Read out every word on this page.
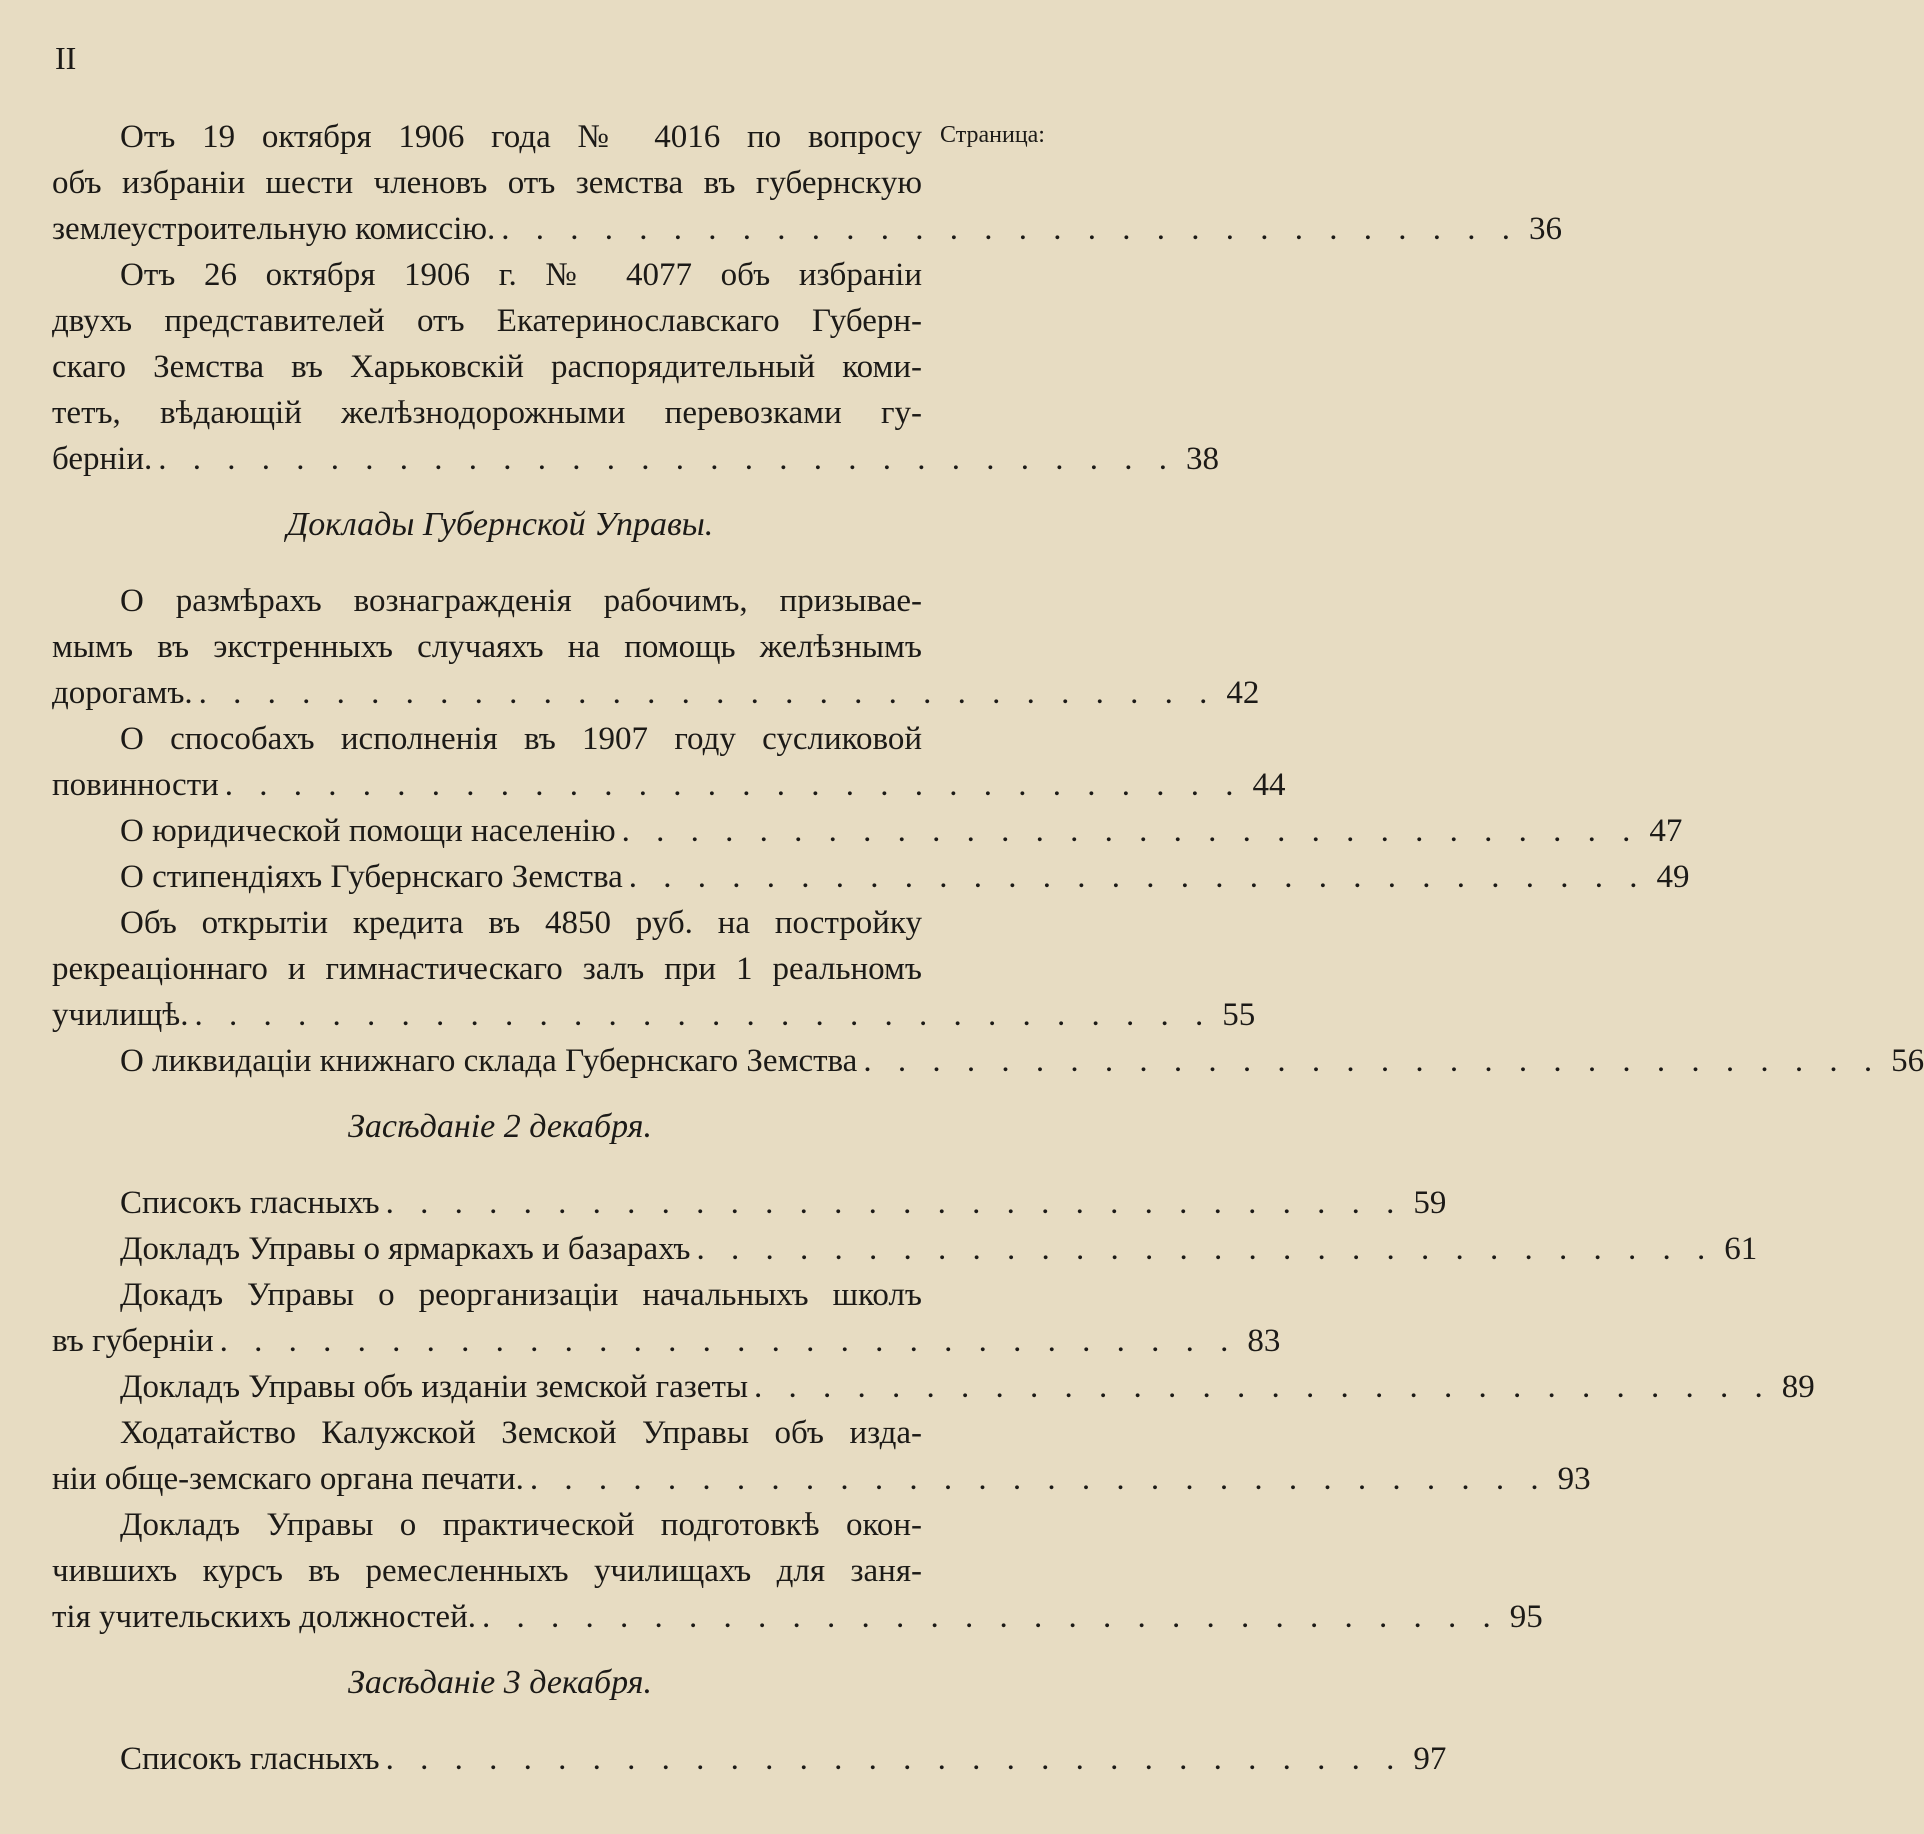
II
Страница:
Отъ 19 октября 1906 года № 4016 по вопросу
объ избраніи шести членовъ отъ земства въ губернскую
землеустроительную комиссію. . . . . . . . . . . . . . . . . . . . . . . . . . . . . . . 36
Отъ 26 октября 1906 г. № 4077 объ избраніи
двухъ представителей отъ Екатеринославскаго Губерн-
скаго Земства въ Харьковскій распорядительный коми-
тетъ, вѣдающій желѣзнодорожными перевозками гу-
берніи. . . . . . . . . . . . . . . . . . . . . . . . . . . . . . . 38
Доклады Губернской Управы.
О размѣрахъ вознагражденія рабочимъ, призывае-
мымъ въ экстренныхъ случаяхъ на помощь желѣзнымъ
дорогамъ. . . . . . . . . . . . . . . . . . . . . . . . . . . . . . . 42
О способахъ исполненія въ 1907 году сусликовой
повинности . . . . . . . . . . . . . . . . . . . . . . . . . . . . . . 44
О юридической помощи населенію . . . . . . . . . . . . . . . . . . . . . . . . . . . . . . 47
О стипендіяхъ Губернскаго Земства . . . . . . . . . . . . . . . . . . . . . . . . . . . . . . 49
Объ открытіи кредита въ 4850 руб. на постройку
рекреаціоннаго и гимнастическаго залъ при 1 реальномъ
училищѣ. . . . . . . . . . . . . . . . . . . . . . . . . . . . . . . 55
О ликвидаціи книжнаго склада Губернскаго Земства . . . . . . . . . . . . . . . . . . . . . . . . . . . . . . 56
Засѣданіе 2 декабря.
Списокъ гласныхъ . . . . . . . . . . . . . . . . . . . . . . . . . . . . . . 59
Докладъ Управы о ярмаркахъ и базарахъ . . . . . . . . . . . . . . . . . . . . . . . . . . . . . . 61
Докадъ Управы о реорганизаціи начальныхъ школъ
въ губерніи . . . . . . . . . . . . . . . . . . . . . . . . . . . . . . 83
Докладъ Управы объ изданіи земской газеты . . . . . . . . . . . . . . . . . . . . . . . . . . . . . . 89
Ходатайство Калужской Земской Управы объ изда-
ніи обще-земскаго органа печати. . . . . . . . . . . . . . . . . . . . . . . . . . . . . . . 93
Докладъ Управы о практической подготовкѣ окон-
чившихъ курсъ въ ремесленныхъ училищахъ для заня-
тія учительскихъ должностей. . . . . . . . . . . . . . . . . . . . . . . . . . . . . . . 95
Засѣданіе 3 декабря.
Списокъ гласныхъ . . . . . . . . . . . . . . . . . . . . . . . . . . . . . . 97
